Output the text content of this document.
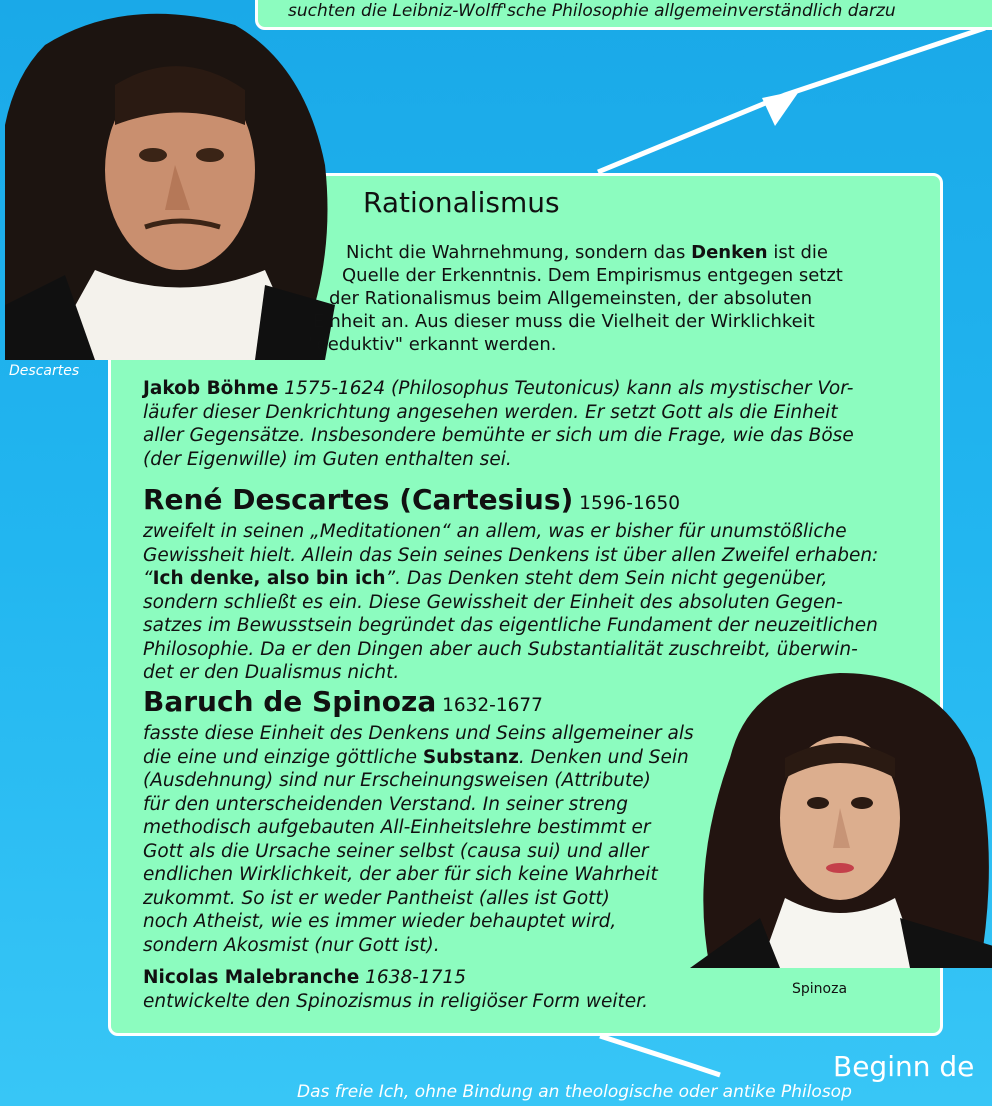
suchten die Leibniz-Wolff'sche Philosophie allgemeinverständlich darzu
Descartes
Spinoza
Rationalismus
Nicht die Wahrnehmung, sondern das Denken ist die
Quelle der Erkenntnis. Dem Empirismus entgegen setzt
der Rationalismus beim Allgemeinsten, der absoluten
Einheit an. Aus dieser muss die Vielheit der Wirklichkeit
"deduktiv" erkannt werden.
Jakob Böhme 1575-1624 (Philosophus Teutonicus) kann als mystischer Vor-
läufer dieser Denkrichtung angesehen werden. Er setzt Gott als die Einheit
aller Gegensätze. Insbesondere bemühte er sich um die Frage, wie das Böse
(der Eigenwille) im Guten enthalten sei.
René Descartes (Cartesius) 1596-1650
zweifelt in seinen „Meditationen“ an allem, was er bisher für unumstößliche
Gewissheit hielt. Allein das Sein seines Denkens ist über allen Zweifel erhaben:
“Ich denke, also bin ich”. Das Denken steht dem Sein nicht gegenüber,
sondern schließt es ein. Diese Gewissheit der Einheit des absoluten Gegen-
satzes im Bewusstsein begründet das eigentliche Fundament der neuzeitlichen
Philosophie. Da er den Dingen aber auch Substantialität zuschreibt, überwin-
det er den Dualismus nicht.
Baruch de Spinoza 1632-1677
fasste diese Einheit des Denkens und Seins allgemeiner als
die eine und einzige göttliche Substanz. Denken und Sein
(Ausdehnung) sind nur Erscheinungsweisen (Attribute)
für den unterscheidenden Verstand. In seiner streng
methodisch aufgebauten All-Einheitslehre bestimmt er
Gott als die Ursache seiner selbst (causa sui) und aller
endlichen Wirklichkeit, der aber für sich keine Wahrheit
zukommt. So ist er weder Pantheist (alles ist Gott)
noch Atheist, wie es immer wieder behauptet wird,
sondern Akosmist (nur Gott ist).
Nicolas Malebranche 1638-1715
entwickelte den Spinozismus in religiöser Form weiter.
Beginn de
Das freie Ich, ohne Bindung an theologische oder antike Philosop
